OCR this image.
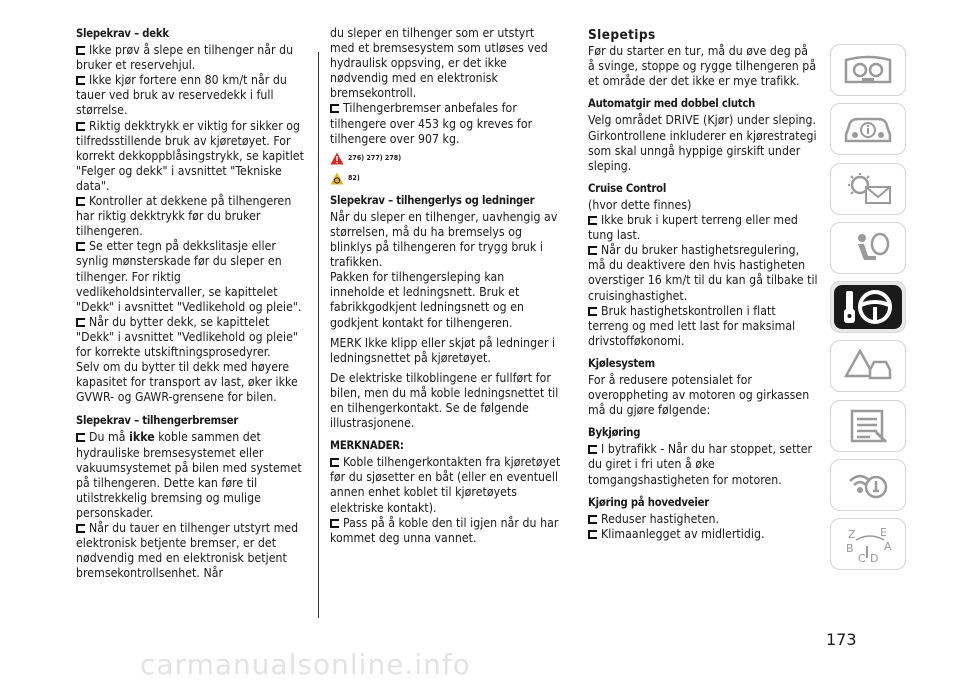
Slepekrav – dekk
Ikke prøv å slepe en tilhenger når du bruker et reservehjul.
Ikke kjør fortere enn 80 km/t når du tauer ved bruk av reservedekk i full størrelse.
Riktig dekktrykk er viktig for sikker og tilfredsstillende bruk av kjøretøyet. For korrekt dekkoppblåsingstrykk, se kapitlet "Felger og dekk" i avsnittet "Tekniske data".
Kontroller at dekkene på tilhengeren har riktig dekktrykk før du bruker tilhengeren.
Se etter tegn på dekkslitasje eller synlig mønsterskade før du sleper en tilhenger. For riktig vedlikeholdsintervaller, se kapittelet "Dekk" i avsnittet "Vedlikehold og pleie".
Når du bytter dekk, se kapittelet "Dekk" i avsnittet "Vedlikehold og pleie" for korrekte utskiftningsprosedyrer.
Selv om du bytter til dekk med høyere kapasitet for transport av last, øker ikke GVWR- og GAWR-grensene for bilen.
Slepekrav – tilhengerbremser
Du må ikke koble sammen det hydrauliske bremsesystemet eller vakuumsystemet på bilen med systemet på tilhengeren. Dette kan føre til utilstrekkelig bremsing og mulige personskader.
Når du tauer en tilhenger utstyrt med elektronisk betjente bremser, er det nødvendig med en elektronisk betjent bremsekontrollsenhet. Når
du sleper en tilhenger som er utstyrt med et bremsesystem som utløses ved hydraulisk oppsving, er det ikke nødvendig med en elektronisk bremsekontroll.
Tilhengerbremser anbefales for tilhengere over 453 kg og kreves for tilhengere over 907 kg.
276) 277) 278)
82)
Slepekrav – tilhengerlys og ledninger
Når du sleper en tilhenger, uavhengig av størrelsen, må du ha bremselys og blinklys på tilhengeren for trygg bruk i trafikken.
Pakken for tilhengersleping kan inneholde et ledningsnett. Bruk et fabrikkgodkjent ledningsnett og en godkjent kontakt for tilhengeren.
MERK Ikke klipp eller skjøt på ledninger i ledningsnettet på kjøretøyet.
De elektriske tilkoblingene er fullført for bilen, men du må koble ledningsnettet til en tilhengerkontakt. Se de følgende illustrasjonene.
MERKNADER:
Koble tilhengerkontakten fra kjøretøyet før du sjøsetter en båt (eller en eventuell annen enhet koblet til kjøretøyets elektriske kontakt).
Pass på å koble den til igjen når du har kommet deg unna vannet.
Slepetips
Før du starter en tur, må du øve deg på å svinge, stoppe og rygge tilhengeren på et område der det ikke er mye trafikk.
Automatgir med dobbel clutch
Velg området DRIVE (Kjør) under sleping. Girkontrollene inkluderer en kjørestrategi som skal unngå hyppige girskift under sleping.
Cruise Control
(hvor dette finnes)
Ikke bruk i kupert terreng eller med tung last.
Når du bruker hastighetsregulering, må du deaktivere den hvis hastigheten overstiger 16 km/t til du kan gå tilbake til cruisinghastighet.
Bruk hastighetskontrollen i flatt terreng og med lett last for maksimal drivstofføkonomi.
Kjølesystem
For å redusere potensialet for overoppheting av motoren og girkassen må du gjøre følgende:
Bykjøring
I bytrafikk - Når du har stoppet, setter du giret i fri uten å øke tomgangshastigheten for motoren.
Kjøring på hovedveier
Reduser hastigheten.
Klimaanlegget av midlertidig.	Z E
B	A
C D
173
carmanualsonline.info
